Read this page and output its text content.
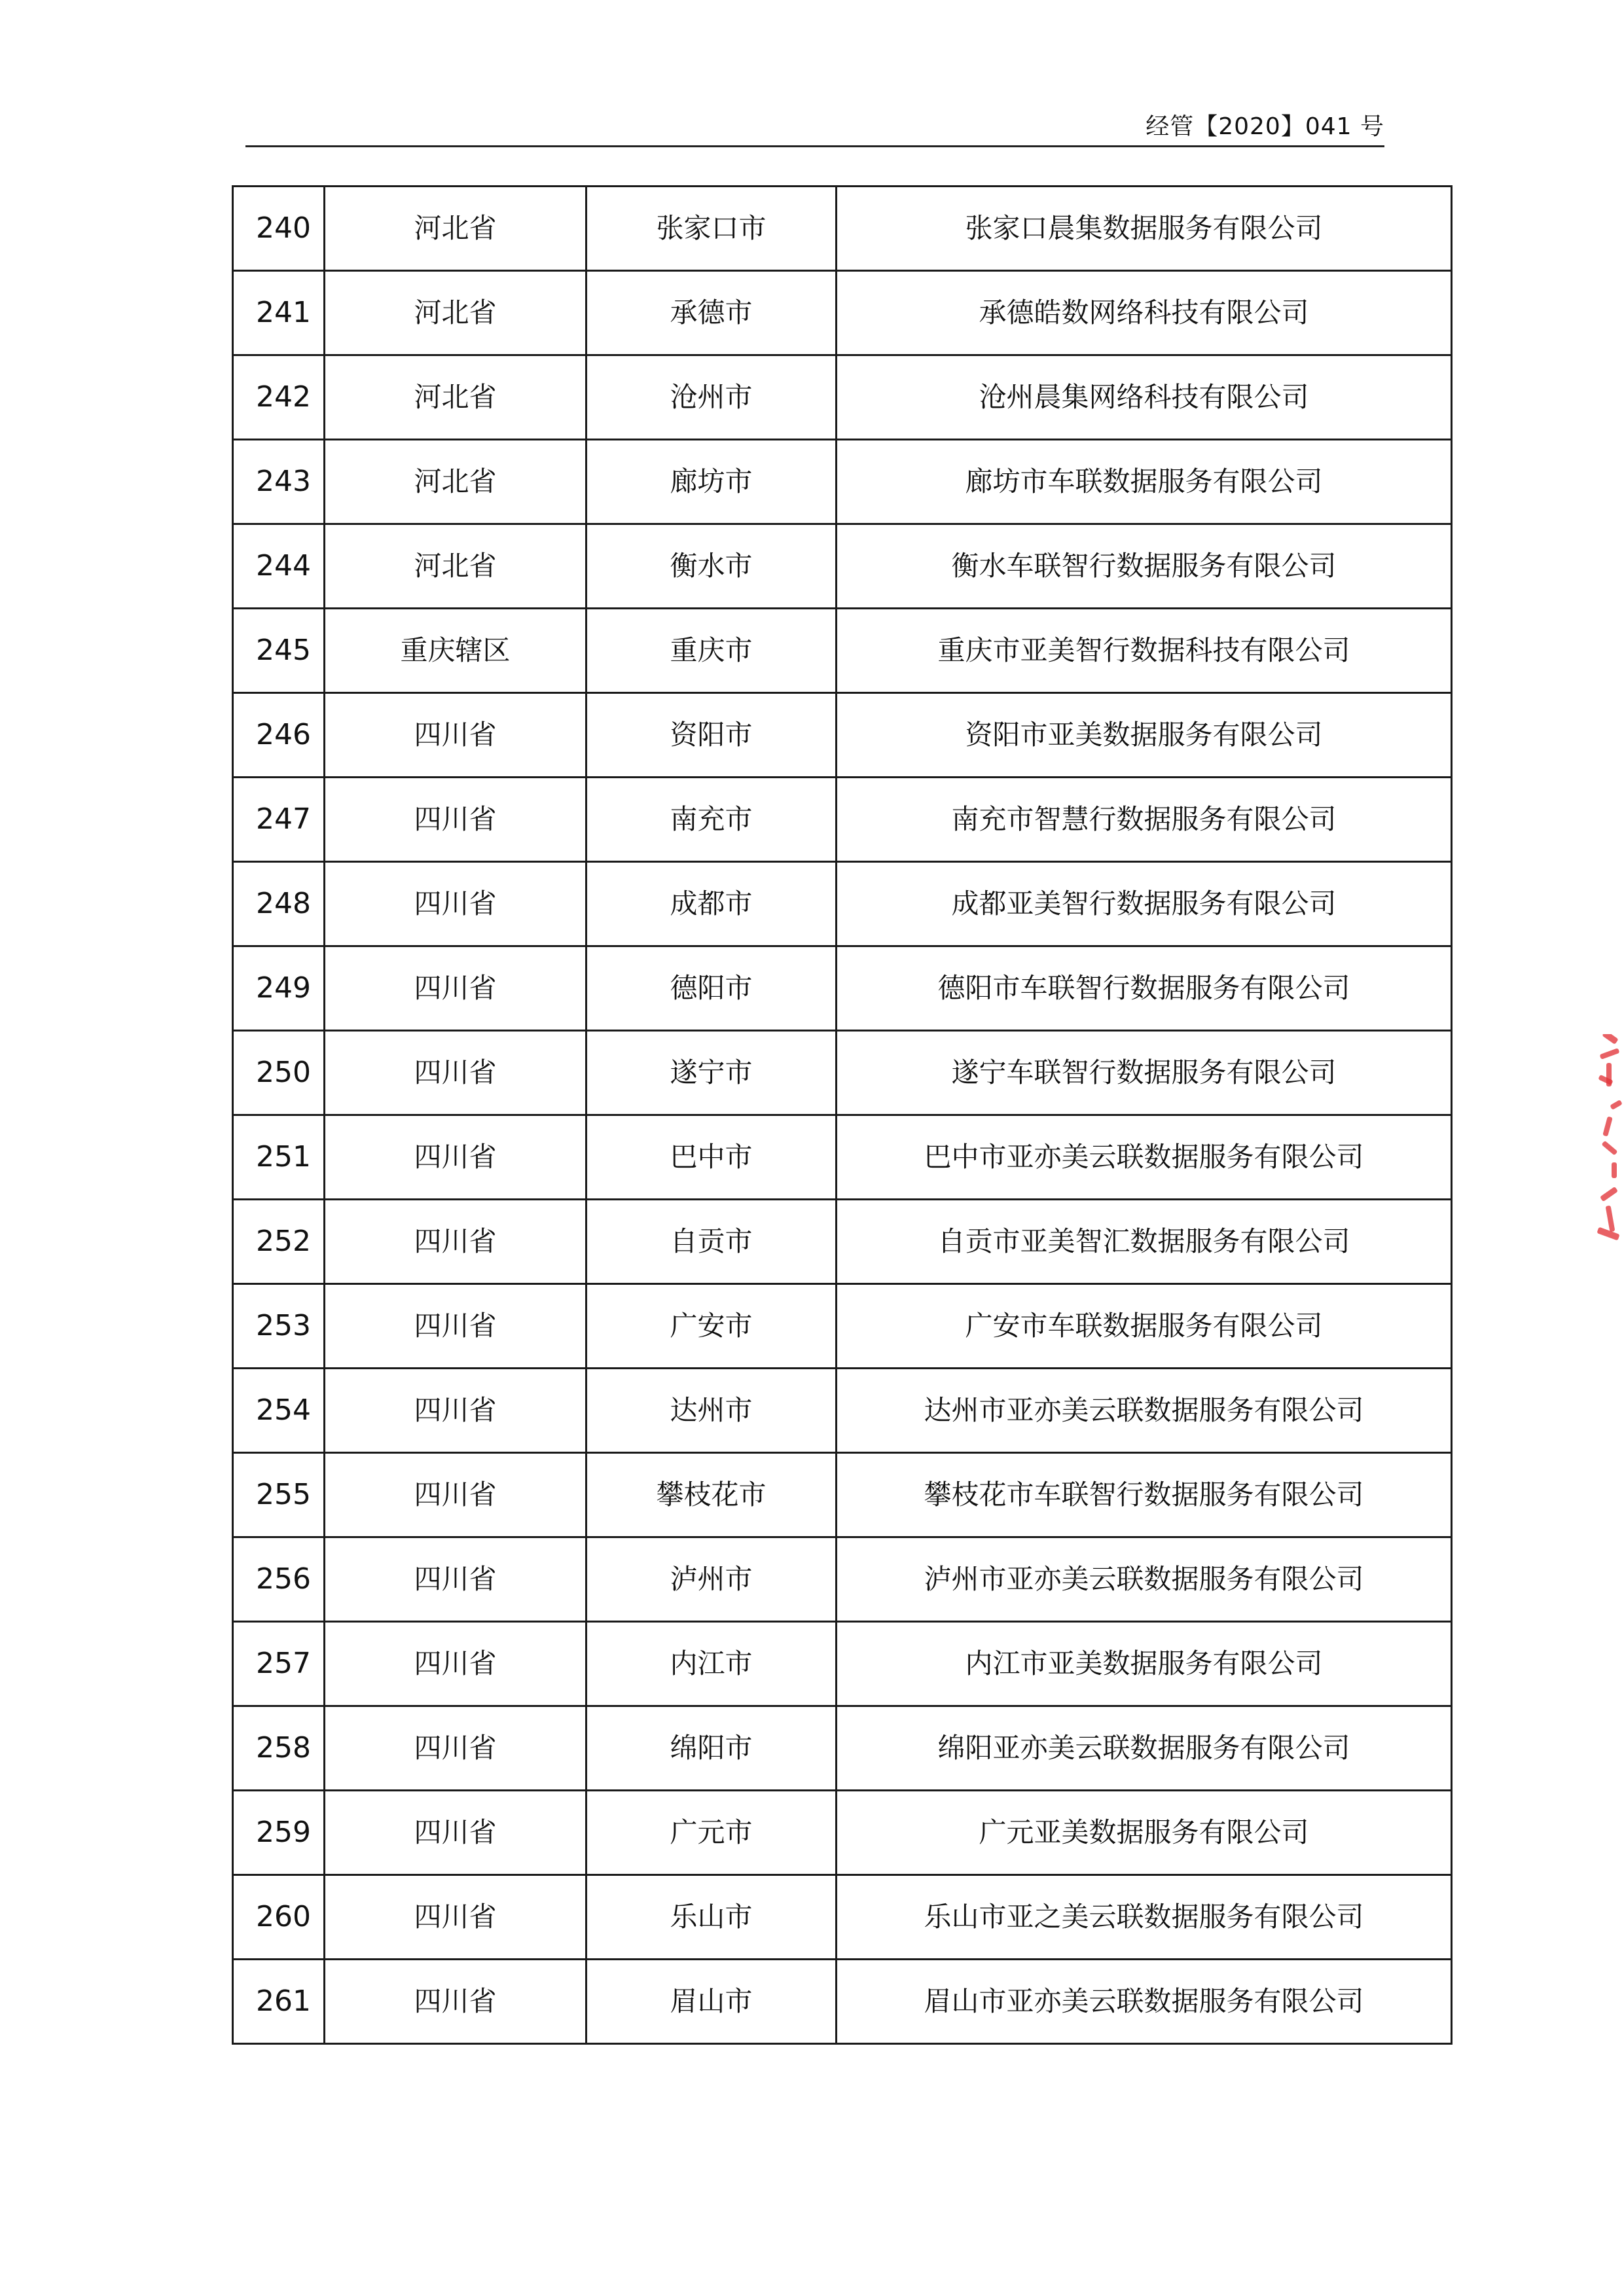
经管【2020】041 号
240	河北省	张家口市	张家口晨集数据服务有限公司
241	河北省	承德市	承德皓数网络科技有限公司
242	河北省	沧州市	沧州晨集网络科技有限公司
243	河北省	廊坊市	廊坊市车联数据服务有限公司
244	河北省	衡水市	衡水车联智行数据服务有限公司
245	重庆辖区	重庆市	重庆市亚美智行数据科技有限公司
246	四川省	资阳市	资阳市亚美数据服务有限公司
247	四川省	南充市	南充市智慧行数据服务有限公司
248	四川省	成都市	成都亚美智行数据服务有限公司
249	四川省	德阳市	德阳市车联智行数据服务有限公司
250	四川省	遂宁市	遂宁车联智行数据服务有限公司
251	四川省	巴中市	巴中市亚亦美云联数据服务有限公司
252	四川省	自贡市	自贡市亚美智汇数据服务有限公司
253	四川省	广安市	广安市车联数据服务有限公司
254	四川省	达州市	达州市亚亦美云联数据服务有限公司
255	四川省	攀枝花市	攀枝花市车联智行数据服务有限公司
256	四川省	泸州市	泸州市亚亦美云联数据服务有限公司
257	四川省	内江市	内江市亚美数据服务有限公司
258	四川省	绵阳市	绵阳亚亦美云联数据服务有限公司
259	四川省	广元市	广元亚美数据服务有限公司
260	四川省	乐山市	乐山市亚之美云联数据服务有限公司
261	四川省	眉山市	眉山市亚亦美云联数据服务有限公司
